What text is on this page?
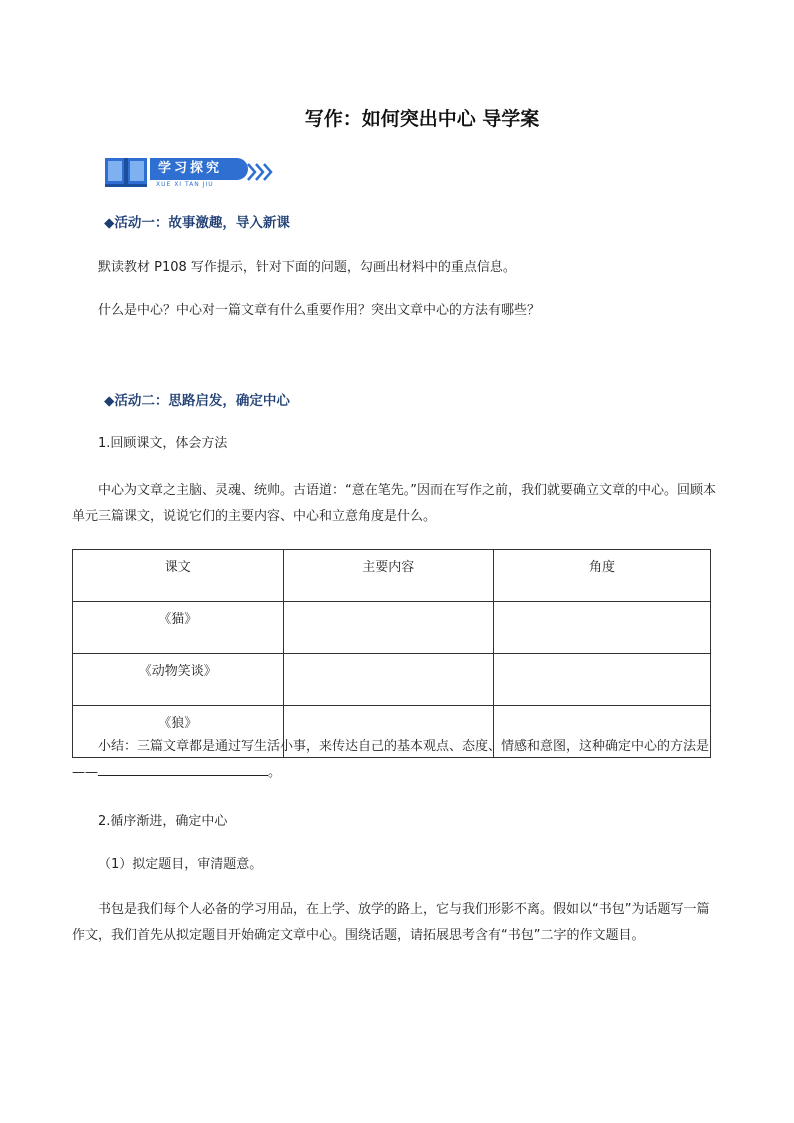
写作：如何突出中心 导学案
学习探究
XUE XI TAN JIU
◆活动一：故事激趣，导入新课
默读教材 P108 写作提示，针对下面的问题，勾画出材料中的重点信息。
什么是中心？中心对一篇文章有什么重要作用？突出文章中心的方法有哪些？
◆活动二：思路启发，确定中心
1.回顾课文，体会方法
中心为文章之主脑、灵魂、统帅。古语道：“意在笔先。”因而在写作之前，我们就要确立文章的中心。回顾本单元三篇课文，说说它们的主要内容、中心和立意角度是什么。
课文	主要内容	角度
《猫》		
《动物笑谈》		
《狼》		
小结：三篇文章都是通过写生活小事，来传达自己的基本观点、态度、情感和意图，这种确定中心的方法是——	。
2.循序渐进，确定中心
（1）拟定题目，审清题意。
书包是我们每个人必备的学习用品，在上学、放学的路上，它与我们形影不离。假如以“书包”为话题写一篇作文，我们首先从拟定题目开始确定文章中心。围绕话题，请拓展思考含有“书包”二字的作文题目。
